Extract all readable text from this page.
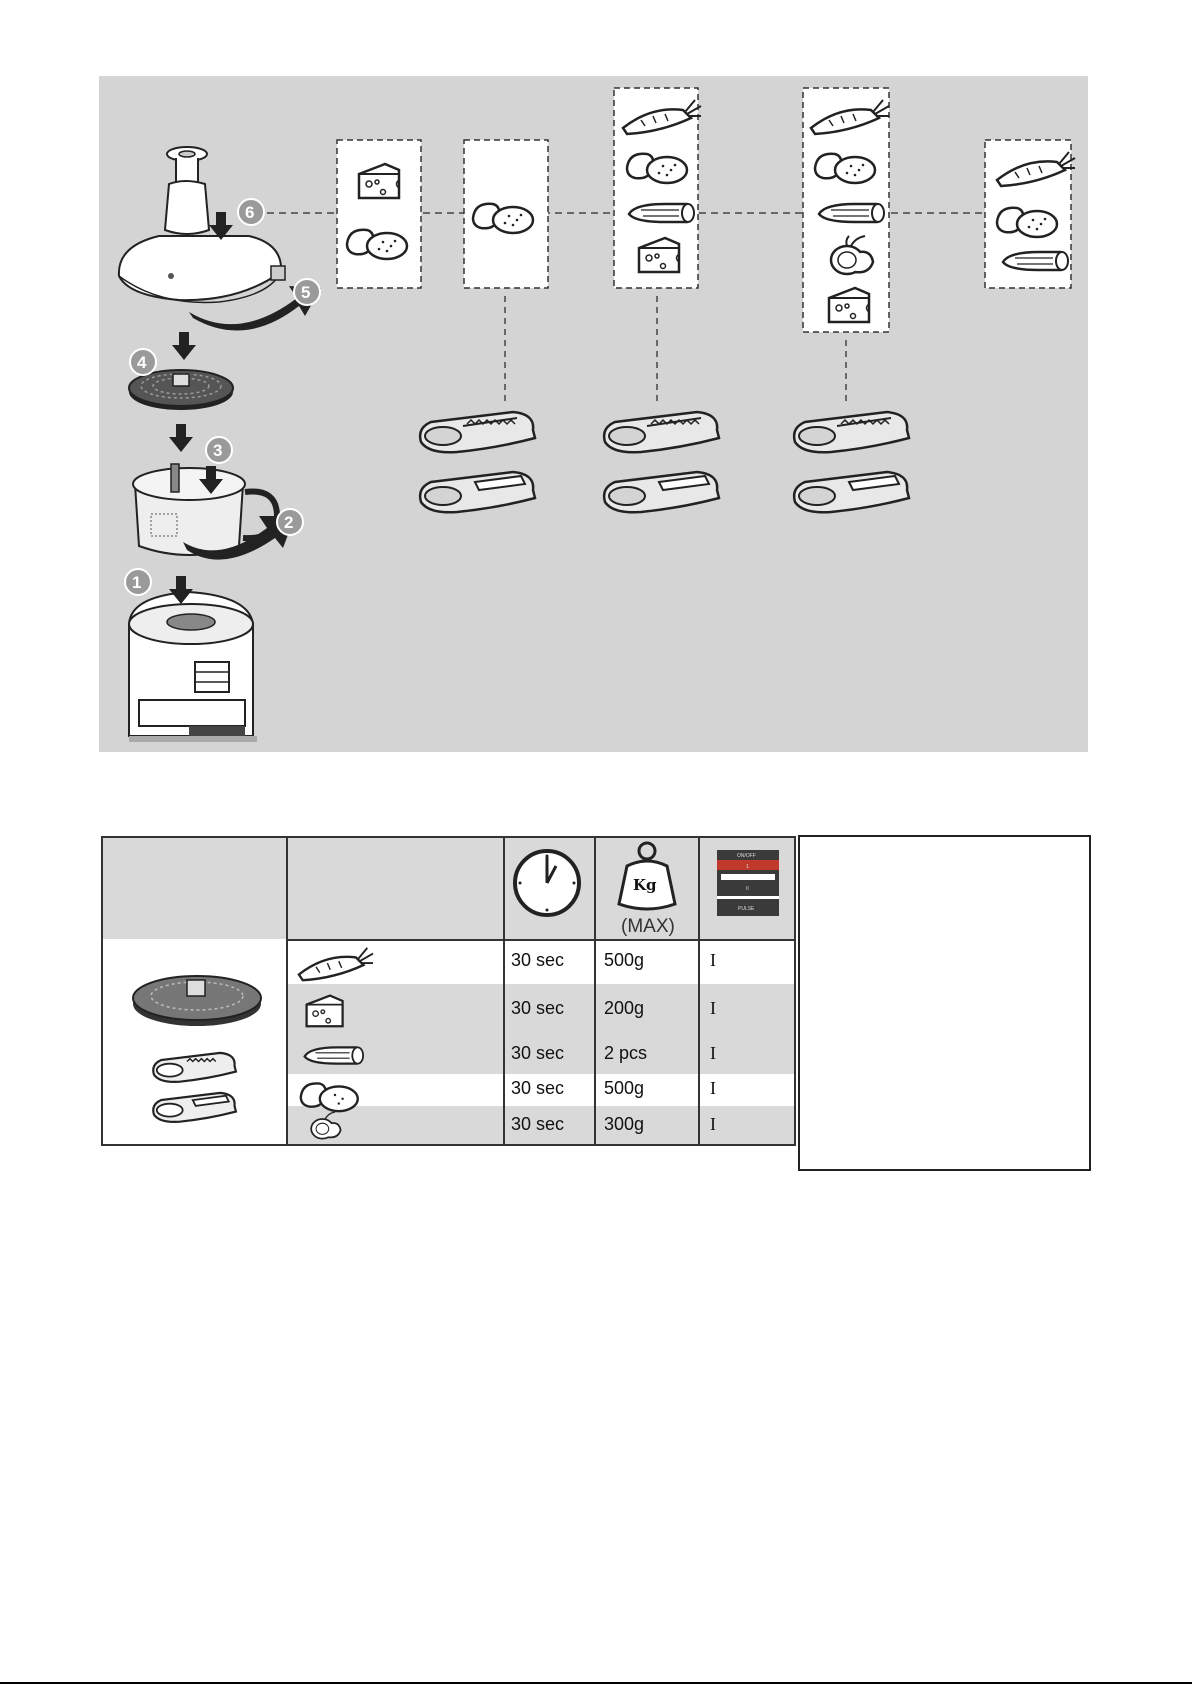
6
5
4
3
2
1
Kg
(MAX)
ON/OFF
1
II
PULSE
30 sec 500g	I
30 sec 200g	I
30 sec 2 pcs	I
30 sec 500g	I
30 sec 300g	I
